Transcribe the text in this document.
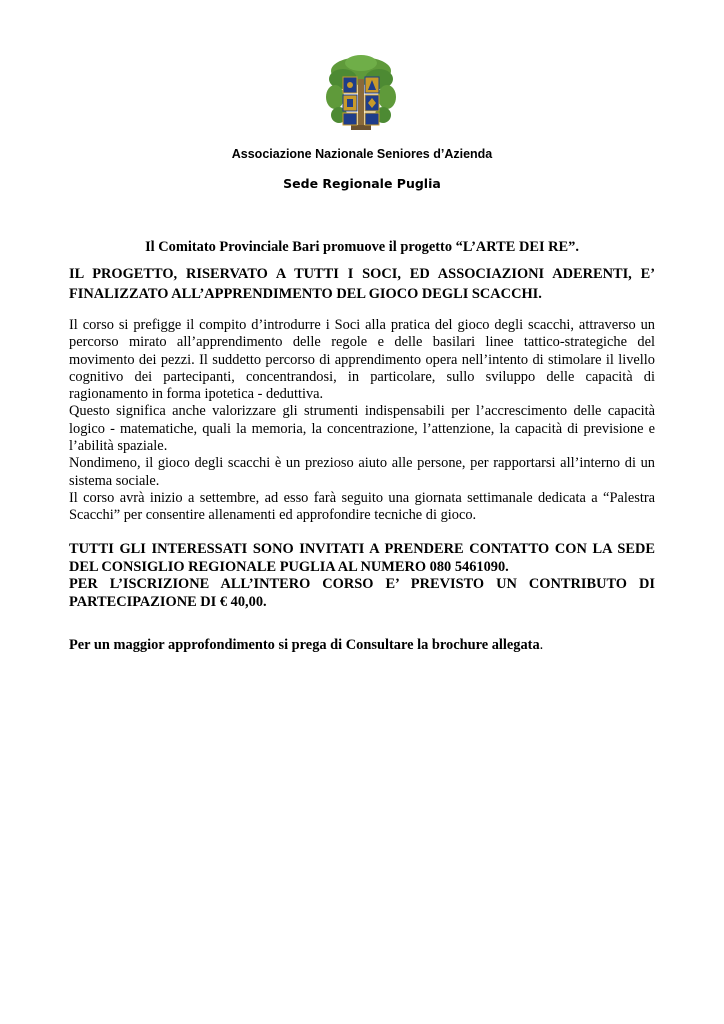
Associazione Nazionale Seniores d’Azienda
Sede Regionale Puglia
Il Comitato Provinciale Bari promuove il progetto “L’ARTE DEI RE”.
IL PROGETTO, RISERVATO A TUTTI I SOCI, ED ASSOCIAZIONI ADERENTI, E’
FINALIZZATO ALL’APPRENDIMENTO DEL GIOCO DEGLI SCACCHI.

Il corso si prefigge il compito d’introdurre i Soci alla pratica del gioco degli scacchi, attraverso un percorso mirato all’apprendimento delle regole e delle basilari linee tattico-strategiche del movimento dei pezzi. Il suddetto percorso di apprendimento opera nell’intento di stimolare il livello cognitivo dei partecipanti, concentrandosi, in particolare, sullo sviluppo delle capacità di ragionamento in forma ipotetica - deduttiva.

Questo significa anche valorizzare gli strumenti indispensabili per l’accrescimento delle capacità logico - matematiche, quali la memoria, la concentrazione, l’attenzione, la capacità di previsione e l’abilità spaziale.

Nondimeno, il gioco degli scacchi è un prezioso aiuto alle persone, per rapportarsi all’interno di un sistema sociale.

Il corso avrà inizio a settembre, ad esso farà seguito una giornata settimanale dedicata a “Palestra Scacchi” per consentire allenamenti ed approfondire tecniche di gioco.

TUTTI GLI INTERESSATI SONO INVITATI A PRENDERE CONTATTO CON LA SEDE DEL CONSIGLIO REGIONALE PUGLIA AL NUMERO 080 5461090.

PER L’ISCRIZIONE ALL’INTERO CORSO E’ PREVISTO UN CONTRIBUTO DI PARTECIPAZIONE DI € 40,00.

Per un maggior approfondimento si prega di Consultare la brochure allegata.
